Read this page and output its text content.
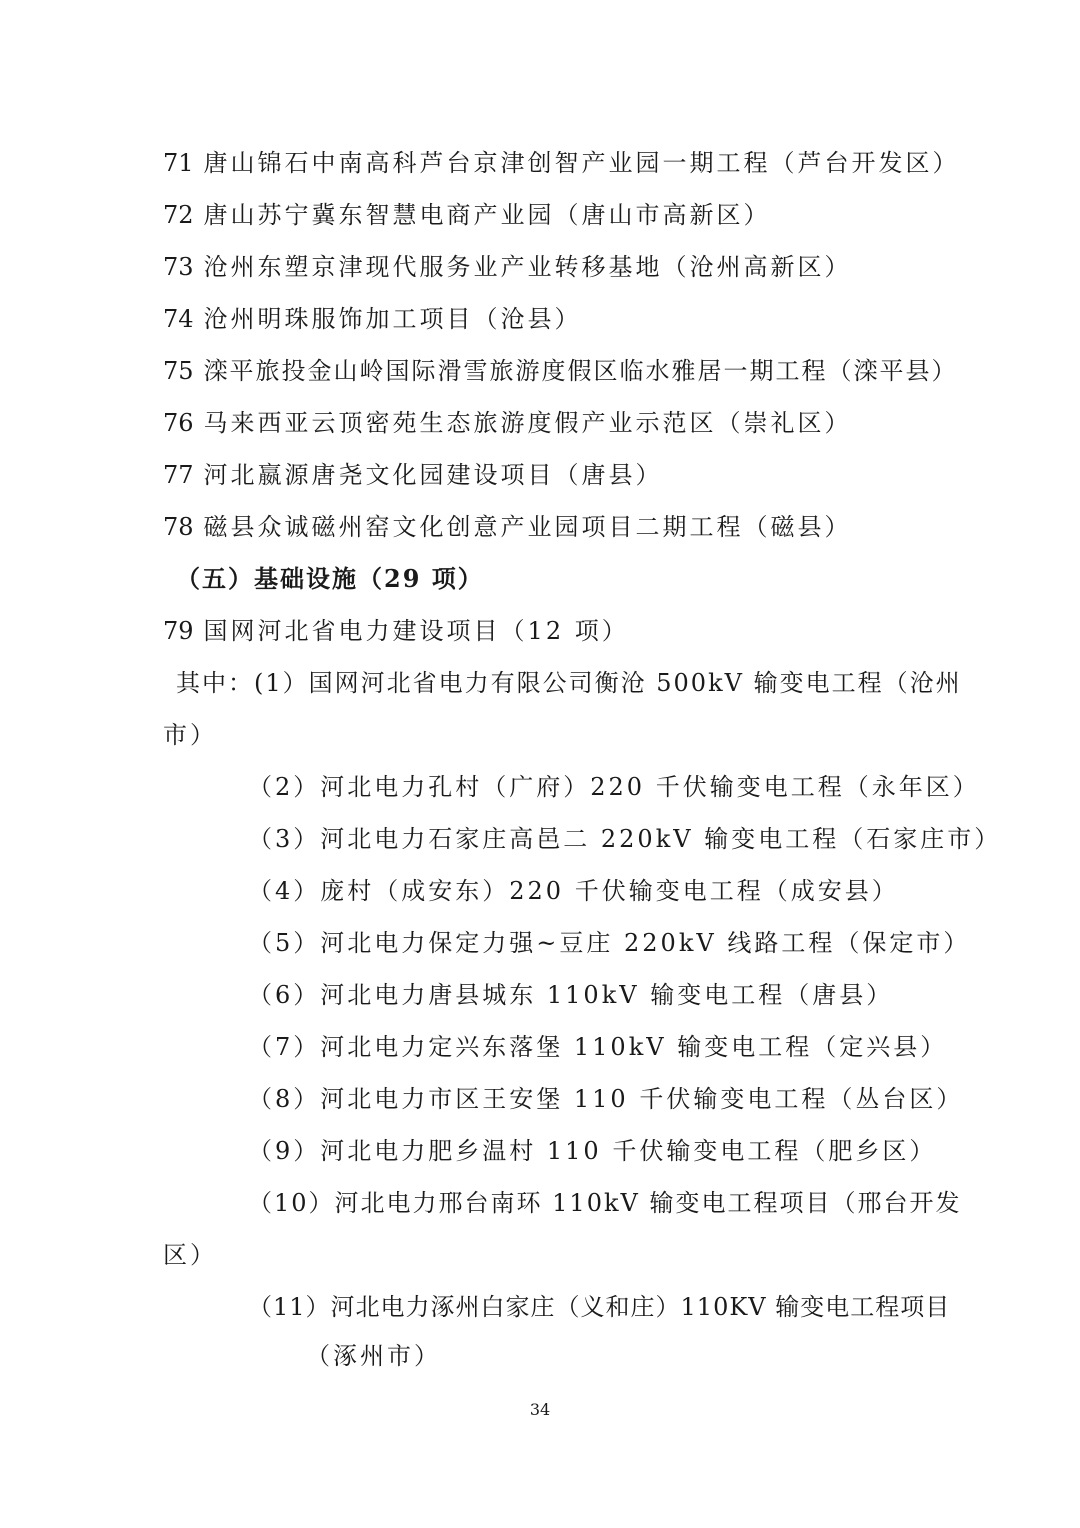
71 唐山锦石中南高科芦台京津创智产业园一期工程（芦台开发区）
72 唐山苏宁冀东智慧电商产业园（唐山市高新区）
73 沧州东塑京津现代服务业产业转移基地（沧州高新区）
74 沧州明珠服饰加工项目（沧县）
75 滦平旅投金山岭国际滑雪旅游度假区临水雅居一期工程（滦平县）
76 马来西亚云顶密苑生态旅游度假产业示范区（崇礼区）
77 河北嬴源唐尧文化园建设项目（唐县）
78 磁县众诚磁州窑文化创意产业园项目二期工程（磁县）
（五）基础设施（29 项）
79 国网河北省电力建设项目（12 项）
其中：(1）国网河北省电力有限公司衡沧 500kV 输变电工程（沧州
市）
（2）河北电力孔村（广府）220 千伏输变电工程（永年区）
（3）河北电力石家庄高邑二 220kV 输变电工程（石家庄市）
（4）庞村（成安东）220 千伏输变电工程（成安县）
（5）河北电力保定力强~豆庄 220kV 线路工程（保定市）
（6）河北电力唐县城东 110kV 输变电工程（唐县）
（7）河北电力定兴东落堡 110kV 输变电工程（定兴县）
（8）河北电力市区王安堡 110 千伏输变电工程（丛台区）
（9）河北电力肥乡温村 110 千伏输变电工程（肥乡区）
（10）河北电力邢台南环 110kV 输变电工程项目（邢台开发
区）
（11）河北电力涿州白家庄（义和庄）110KV 输变电工程项目
（涿州市）
34
